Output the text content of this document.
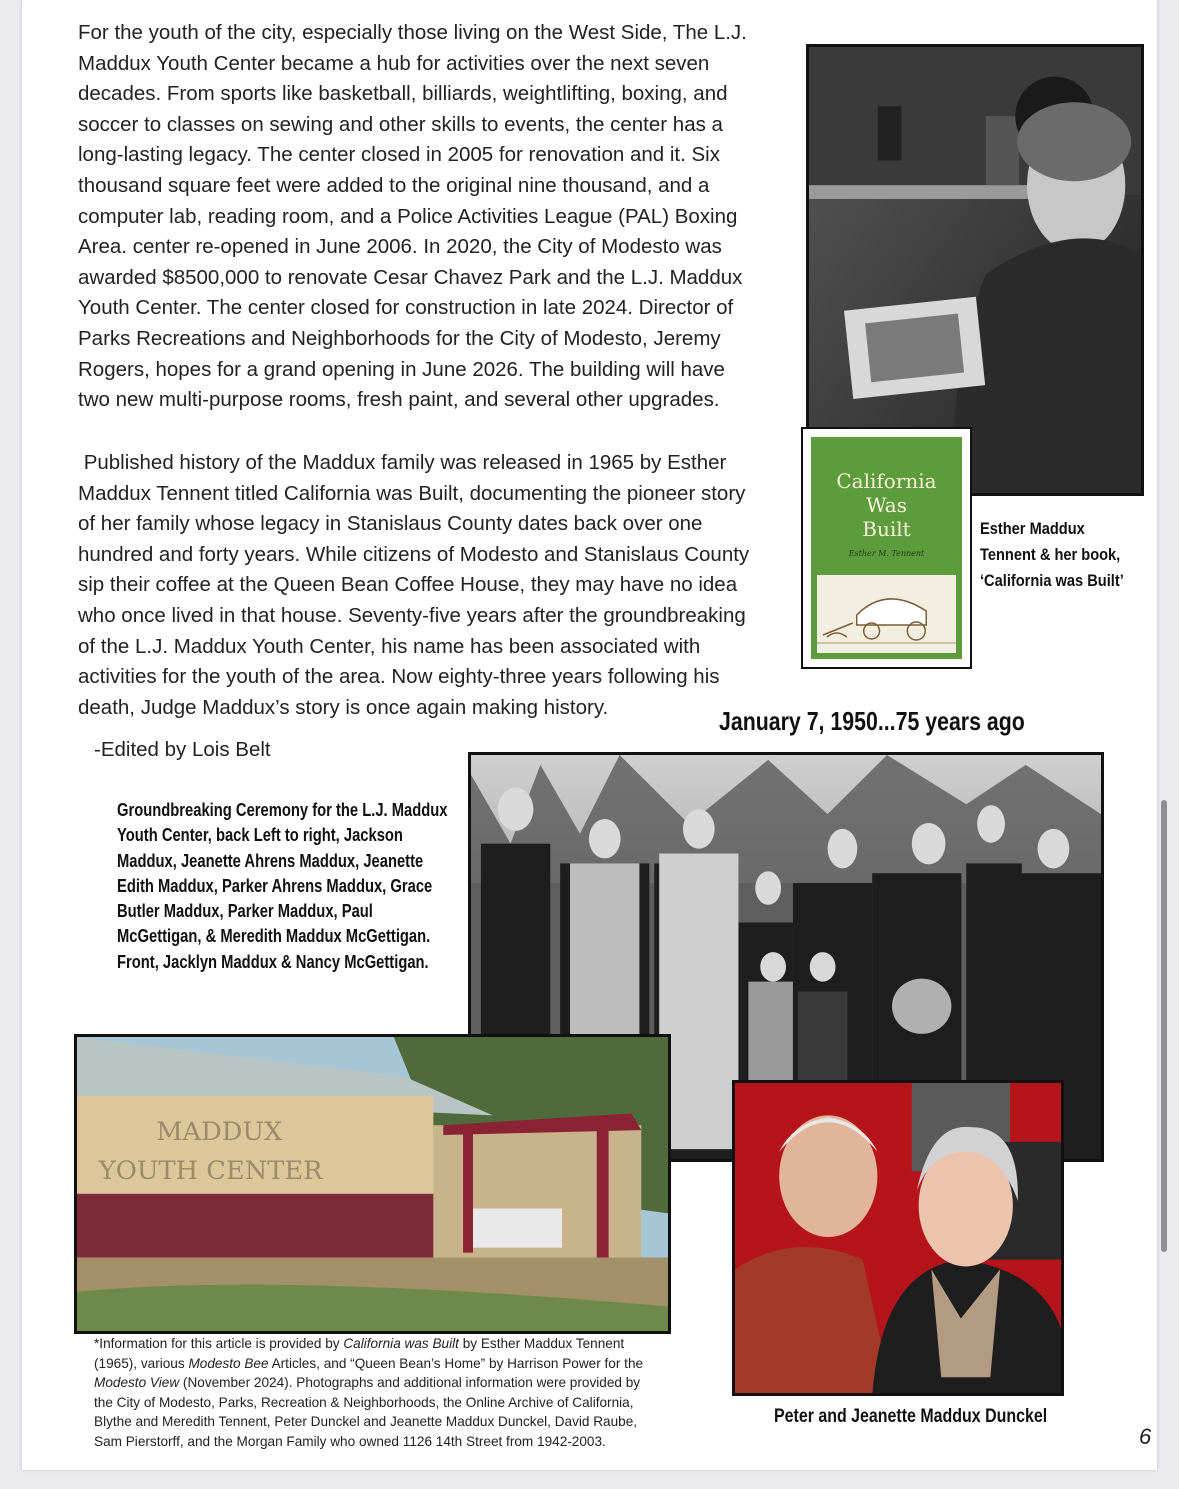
For the youth of the city, especially those living on the West Side, The L.J.
Maddux Youth Center became a hub for activities over the next seven
decades. From sports like basketball, billiards, weightlifting, boxing, and
soccer to classes on sewing and other skills to events, the center has a
long-lasting legacy. The center closed in 2005 for renovation and it. Six
thousand square feet were added to the original nine thousand, and a
computer lab, reading room, and a Police Activities League (PAL) Boxing
Area. center re-opened in June 2006. In 2020, the City of Modesto was
awarded $8500,000 to renovate Cesar Chavez Park and the L.J. Maddux
Youth Center. The center closed for construction in late 2024. Director of
Parks Recreations and Neighborhoods for the City of Modesto, Jeremy
Rogers, hopes for a grand opening in June 2026. The building will have
two new multi-purpose rooms, fresh paint, and several other upgrades.
Published history of the Maddux family was released in 1965 by Esther
Maddux Tennent titled California was Built, documenting the pioneer story
of her family whose legacy in Stanislaus County dates back over one
hundred and forty years. While citizens of Modesto and Stanislaus County
sip their coffee at the Queen Bean Coffee House, they may have no idea
who once lived in that house. Seventy-five years after the groundbreaking
of the L.J. Maddux Youth Center, his name has been associated with
activities for the youth of the area. Now eighty-three years following his
death, Judge Maddux’s story is once again making history.
-Edited by Lois Belt
California
Was
Built
Esther M. Tennent
Esther Maddux
Tennent & her book,
‘California was Built’
January 7, 1950...75 years ago
Groundbreaking Ceremony for the L.J. Maddux
Youth Center, back Left to right, Jackson
Maddux, Jeanette Ahrens Maddux, Jeanette
Edith Maddux, Parker Ahrens Maddux, Grace
Butler Maddux, Parker Maddux, Paul
McGettigan, & Meredith Maddux McGettigan.
Front, Jacklyn Maddux & Nancy McGettigan.
MADDUX
YOUTH CENTER
Peter and Jeanette Maddux Dunckel
*Information for this article is provided by California was Built by Esther Maddux Tennent
(1965), various Modesto Bee Articles, and “Queen Bean’s Home” by Harrison Power for the
Modesto View (November 2024). Photographs and additional information were provided by
the City of Modesto, Parks, Recreation & Neighborhoods, the Online Archive of California,
Blythe and Meredith Tennent, Peter Dunckel and Jeanette Maddux Dunckel, David Raube,
Sam Pierstorff, and the Morgan Family who owned 1126 14th Street from 1942-2003.	6
